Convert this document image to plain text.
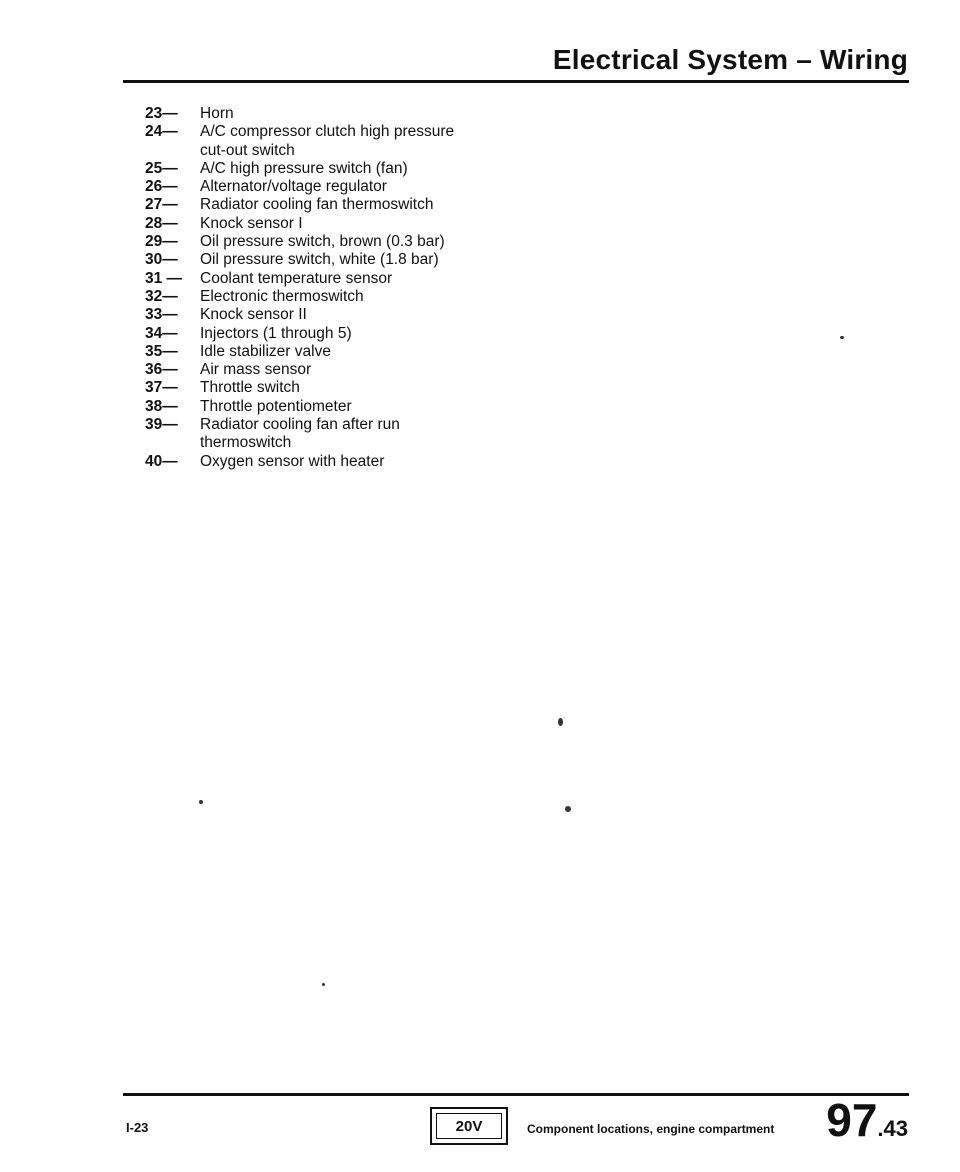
Electrical System – Wiring
23—	Horn
24—	A/C compressor clutch high pressure
cut-out switch
25—	A/C high pressure switch (fan)
26—	Alternator/voltage regulator
27—	Radiator cooling fan thermoswitch
28—	Knock sensor I
29—	Oil pressure switch, brown (0.3 bar)
30—	Oil pressure switch, white (1.8 bar)
31 —	Coolant temperature sensor
32—	Electronic thermoswitch
33—	Knock sensor II
34—	Injectors (1 through 5)
35—	Idle stabilizer valve
36—	Air mass sensor
37—	Throttle switch
38—	Throttle potentiometer
39—	Radiator cooling fan after run
thermoswitch
40—	Oxygen sensor with heater
I-23	20V	Component locations, engine compartment 97.43
